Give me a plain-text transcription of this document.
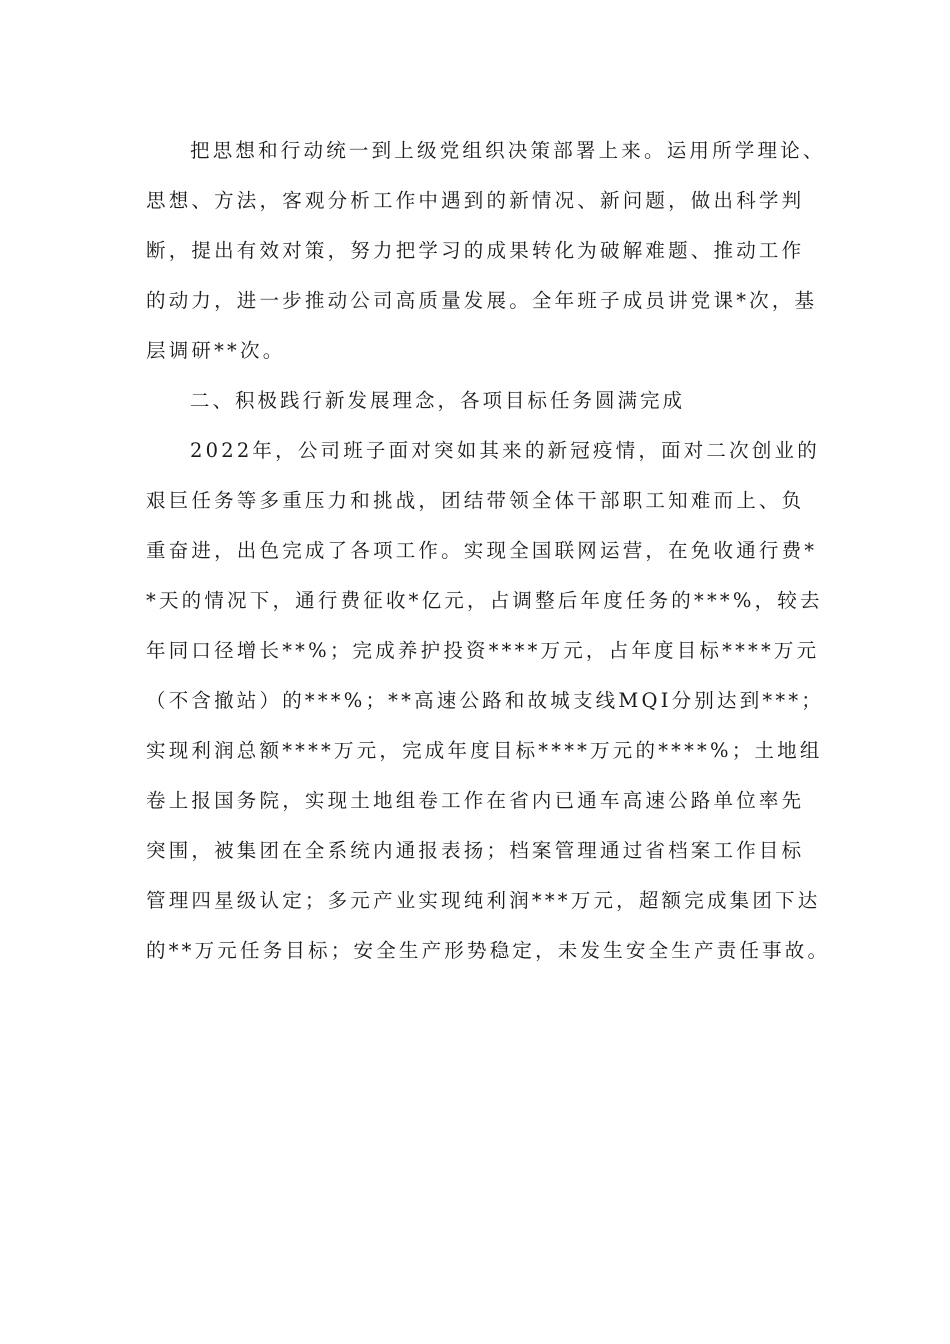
把思想和行动统一到上级党组织决策部署上来。运用所学理论、
思想、方法，客观分析工作中遇到的新情况、新问题，做出科学判
断，提出有效对策，努力把学习的成果转化为破解难题、推动工作
的动力，进一步推动公司高质量发展。全年班子成员讲党课*次，基
层调研**次。
二、积极践行新发展理念，各项目标任务圆满完成
2022年，公司班子面对突如其来的新冠疫情，面对二次创业的
艰巨任务等多重压力和挑战，团结带领全体干部职工知难而上、负
重奋进，出色完成了各项工作。实现全国联网运营，在免收通行费*
*天的情况下，通行费征收*亿元，占调整后年度任务的***%，较去
年同口径增长**%；完成养护投资****万元，占年度目标****万元
（不含撤站）的***%；**高速公路和故城支线MQI分别达到***；
实现利润总额****万元，完成年度目标****万元的****%；土地组
卷上报国务院，实现土地组卷工作在省内已通车高速公路单位率先
突围，被集团在全系统内通报表扬；档案管理通过省档案工作目标
管理四星级认定；多元产业实现纯利润***万元，超额完成集团下达
的**万元任务目标；安全生产形势稳定，未发生安全生产责任事故。
